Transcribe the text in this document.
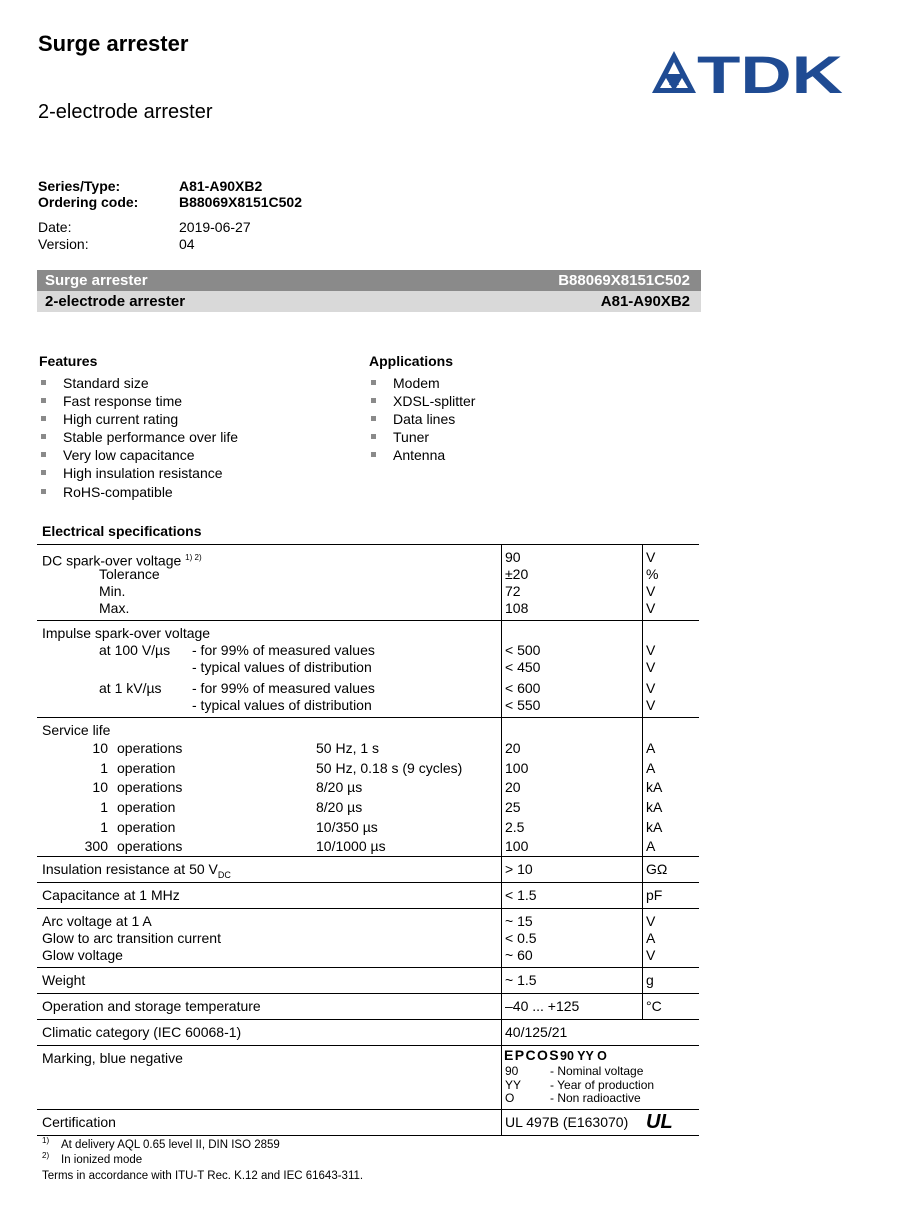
Surge arrester
2-electrode arrester
TDK
Series/Type:	A81-A90XB2
Ordering code:	B88069X8151C502
Date:	2019-06-27
Version:	04
Surge arrester	B88069X8151C502
2-electrode arrester	A81-A90XB2
Features
Standard size
Fast response time
High current rating
Stable performance over life
Very low capacitance
High insulation resistance
RoHS-compatible
Applications
Modem
XDSL-splitter
Data lines
Tuner
Antenna
Electrical specifications
DC spark-over voltage $^{1) 2)}$	90	V
Tolerance	±20	%
Min.	72	V
Max.	108	V
Impulse spark-over voltage
at 100 V/µs - for 99% of measured values	< 500	V
- typical values of distribution	< 450	V
at 1 kV/µs - for 99% of measured values	< 600	V
- typical values of distribution	< 550	V
Service life
10 operations	50 Hz, 1 s	20	A
1 operation	50 Hz, 0.18 s (9 cycles)	100	A
10 operations	8/20 µs	20	kA
1 operation	8/20 µs	25	kA
1 operation	10/350 µs	2.5	kA
300 operations	10/1000 µs	100	A
Insulation resistance at 50 $V_{DC}$	> 10	GΩ
Capacitance at 1 MHz	< 1.5	pF
Arc voltage at 1 A	~ 15	V
Glow to arc transition current	< 0.5	A
Glow voltage	~ 60	V
Weight	~ 1.5	g
Operation and storage temperature	–40 ... +125	°C
Climatic category (IEC 60068-1)	40/125/21
Marking, blue negative	EPCOS90 YY O
90	- Nominal voltage
YY - Year of production
O	- Non radioactive
Certification	UL 497B (E163070) UL
1) At delivery AQL 0.65 level II, DIN ISO 2859
2) In ionized mode
Terms in accordance with ITU-T Rec. K.12 and IEC 61643-311.
